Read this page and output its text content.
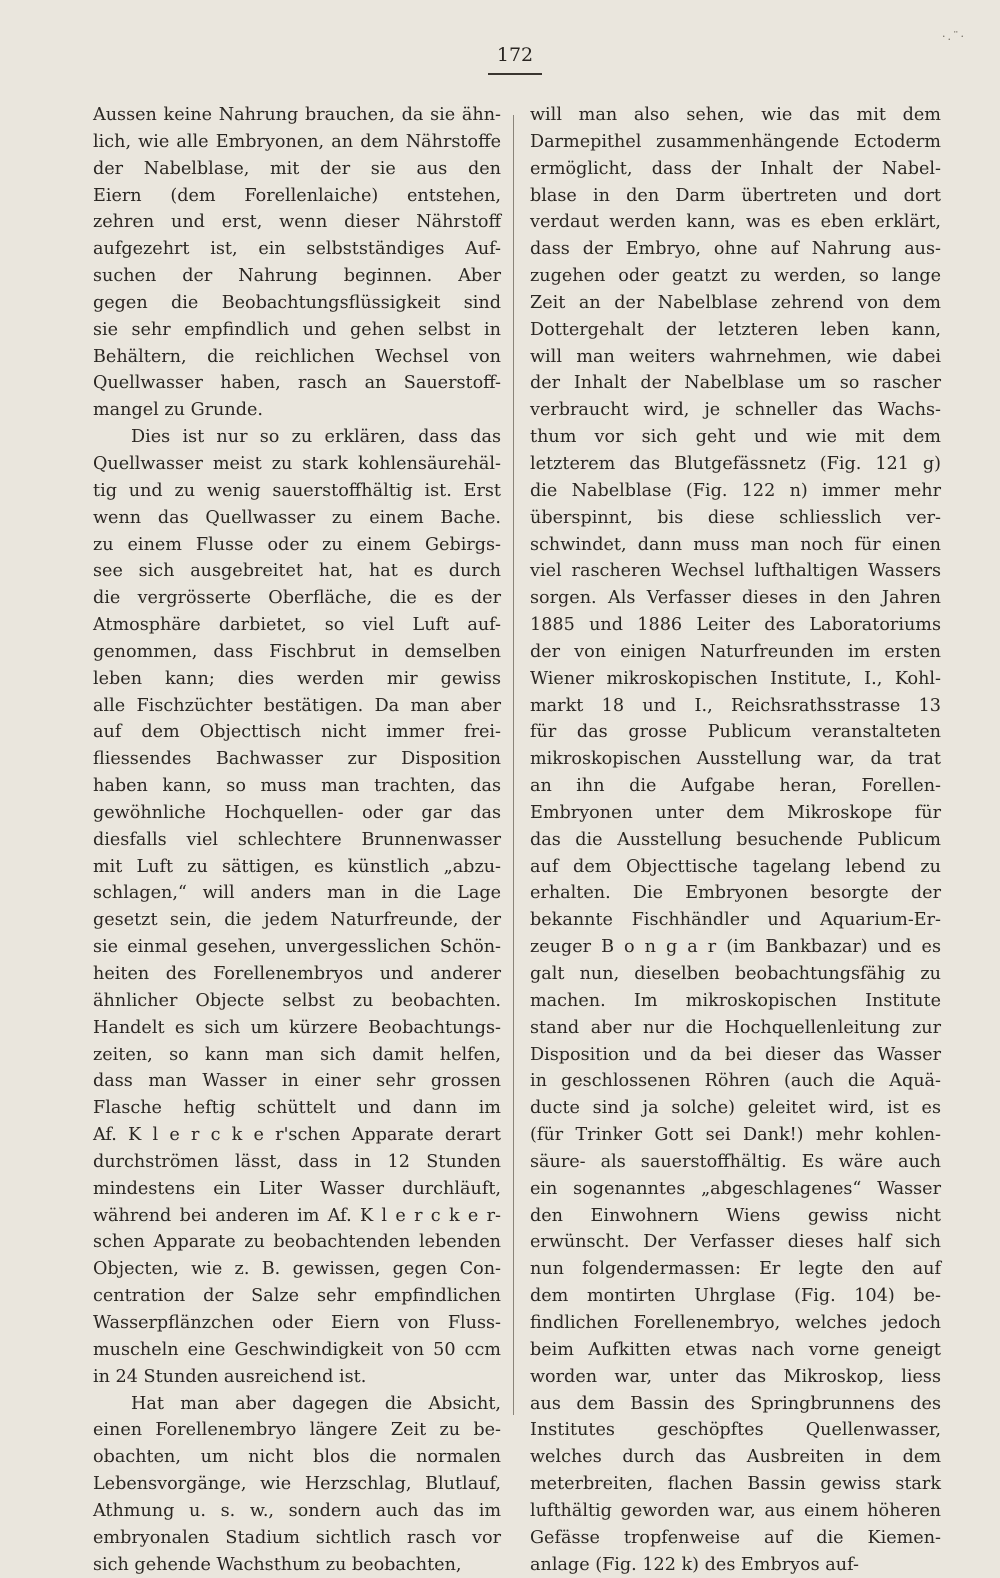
172
·.¨·
Aussen keine Nahrung brauchen, da sie ähn-
lich, wie alle Embryonen, an dem Nährstoffe
der Nabelblase, mit der sie aus den
Eiern (dem Forellenlaiche) entstehen,
zehren und erst, wenn dieser Nährstoff
aufgezehrt ist, ein selbstständiges Auf-
suchen der Nahrung beginnen. Aber
gegen die Beobachtungsflüssigkeit sind
sie sehr empfindlich und gehen selbst in
Behältern, die reichlichen Wechsel von
Quellwasser haben, rasch an Sauerstoff-
mangel zu Grunde.
Dies ist nur so zu erklären, dass das
Quellwasser meist zu stark kohlensäurehäl-
tig und zu wenig sauerstoffhältig ist. Erst
wenn das Quellwasser zu einem Bache.
zu einem Flusse oder zu einem Gebirgs-
see sich ausgebreitet hat, hat es durch
die vergrösserte Oberfläche, die es der
Atmosphäre darbietet, so viel Luft auf-
genommen, dass Fischbrut in demselben
leben kann; dies werden mir gewiss
alle Fischzüchter bestätigen. Da man aber
auf dem Objecttisch nicht immer frei-
fliessendes Bachwasser zur Disposition
haben kann, so muss man trachten, das
gewöhnliche Hochquellen- oder gar das
diesfalls viel schlechtere Brunnenwasser
mit Luft zu sättigen, es künstlich „abzu-
schlagen,“ will anders man in die Lage
gesetzt sein, die jedem Naturfreunde, der
sie einmal gesehen, unvergesslichen Schön-
heiten des Forellenembryos und anderer
ähnlicher Objecte selbst zu beobachten.
Handelt es sich um kürzere Beobachtungs-
zeiten, so kann man sich damit helfen,
dass man Wasser in einer sehr grossen
Flasche heftig schüttelt und dann im
Af. K l e r c k e r'schen Apparate derart
durchströmen lässt, dass in 12 Stunden
mindestens ein Liter Wasser durchläuft,
während bei anderen im Af. K l e r c k e r-
schen Apparate zu beobachtenden lebenden
Objecten, wie z. B. gewissen, gegen Con-
centration der Salze sehr empfindlichen
Wasserpflänzchen oder Eiern von Fluss-
muscheln eine Geschwindigkeit von 50 ccm
in 24 Stunden ausreichend ist.
Hat man aber dagegen die Absicht,
einen Forellenembryo längere Zeit zu be-
obachten, um nicht blos die normalen
Lebensvorgänge, wie Herzschlag, Blutlauf,
Athmung u. s. w., sondern auch das im
embryonalen Stadium sichtlich rasch vor
sich gehende Wachsthum zu beobachten,
will man also sehen, wie das mit dem
Darmepithel zusammenhängende Ectoderm
ermöglicht, dass der Inhalt der Nabel-
blase in den Darm übertreten und dort
verdaut werden kann, was es eben erklärt,
dass der Embryo, ohne auf Nahrung aus-
zugehen oder geatzt zu werden, so lange
Zeit an der Nabelblase zehrend von dem
Dottergehalt der letzteren leben kann,
will man weiters wahrnehmen, wie dabei
der Inhalt der Nabelblase um so rascher
verbraucht wird, je schneller das Wachs-
thum vor sich geht und wie mit dem
letzterem das Blutgefässnetz (Fig. 121 g)
die Nabelblase (Fig. 122 n) immer mehr
überspinnt, bis diese schliesslich ver-
schwindet, dann muss man noch für einen
viel rascheren Wechsel lufthaltigen Wassers
sorgen. Als Verfasser dieses in den Jahren
1885 und 1886 Leiter des Laboratoriums
der von einigen Naturfreunden im ersten
Wiener mikroskopischen Institute, I., Kohl-
markt 18 und I., Reichsrathsstrasse 13
für das grosse Publicum veranstalteten
mikroskopischen Ausstellung war, da trat
an ihn die Aufgabe heran, Forellen-
Embryonen unter dem Mikroskope für
das die Ausstellung besuchende Publicum
auf dem Objecttische tagelang lebend zu
erhalten. Die Embryonen besorgte der
bekannte Fischhändler und Aquarium-Er-
zeuger B o n g a r (im Bankbazar) und es
galt nun, dieselben beobachtungsfähig zu
machen. Im mikroskopischen Institute
stand aber nur die Hochquellenleitung zur
Disposition und da bei dieser das Wasser
in geschlossenen Röhren (auch die Aquä-
ducte sind ja solche) geleitet wird, ist es
(für Trinker Gott sei Dank!) mehr kohlen-
säure- als sauerstoffhältig. Es wäre auch
ein sogenanntes „abgeschlagenes“ Wasser
den Einwohnern Wiens gewiss nicht
erwünscht. Der Verfasser dieses half sich
nun folgendermassen: Er legte den auf
dem montirten Uhrglase (Fig. 104) be-
findlichen Forellenembryo, welches jedoch
beim Aufkitten etwas nach vorne geneigt
worden war, unter das Mikroskop, liess
aus dem Bassin des Springbrunnens des
Institutes geschöpftes Quellenwasser,
welches durch das Ausbreiten in dem
meterbreiten, flachen Bassin gewiss stark
lufthältig geworden war, aus einem höheren
Gefässe tropfenweise auf die Kiemen-
anlage (Fig. 122 k) des Embryos auf-
